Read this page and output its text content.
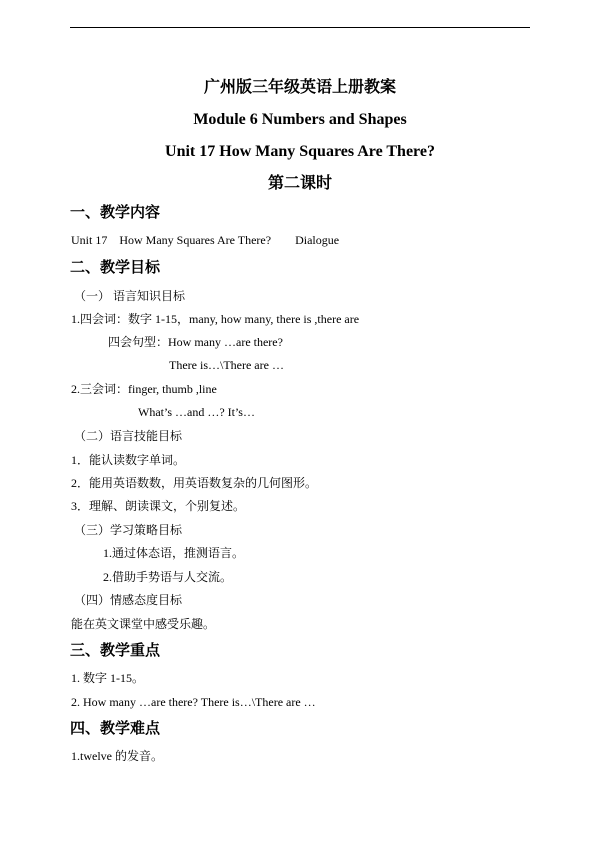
广州版三年级英语上册教案
Module 6 Numbers and Shapes
Unit 17 How Many Squares Are There?
第二课时
一、教学内容
Unit 17    How Many Squares Are There?        Dialogue
二、教学目标
（一） 语言知识目标
1.四会词：数字 1-15，many, how many, there is ,there are
四会句型：How many …are there?
There is…\There are …
2.三会词：finger, thumb ,line
What’s …and …? It’s…
（二）语言技能目标
1．能认读数字单词。
2．能用英语数数，用英语数复杂的几何图形。
3．理解、朗读课文，个别复述。
（三）学习策略目标
1.通过体态语，推测语言。
2.借助手势语与人交流。
（四）情感态度目标
能在英文课堂中感受乐趣。
三、教学重点
1. 数字 1-15。
2. How many …are there? There is…\There are …
四、教学难点
1.twelve 的发音。
